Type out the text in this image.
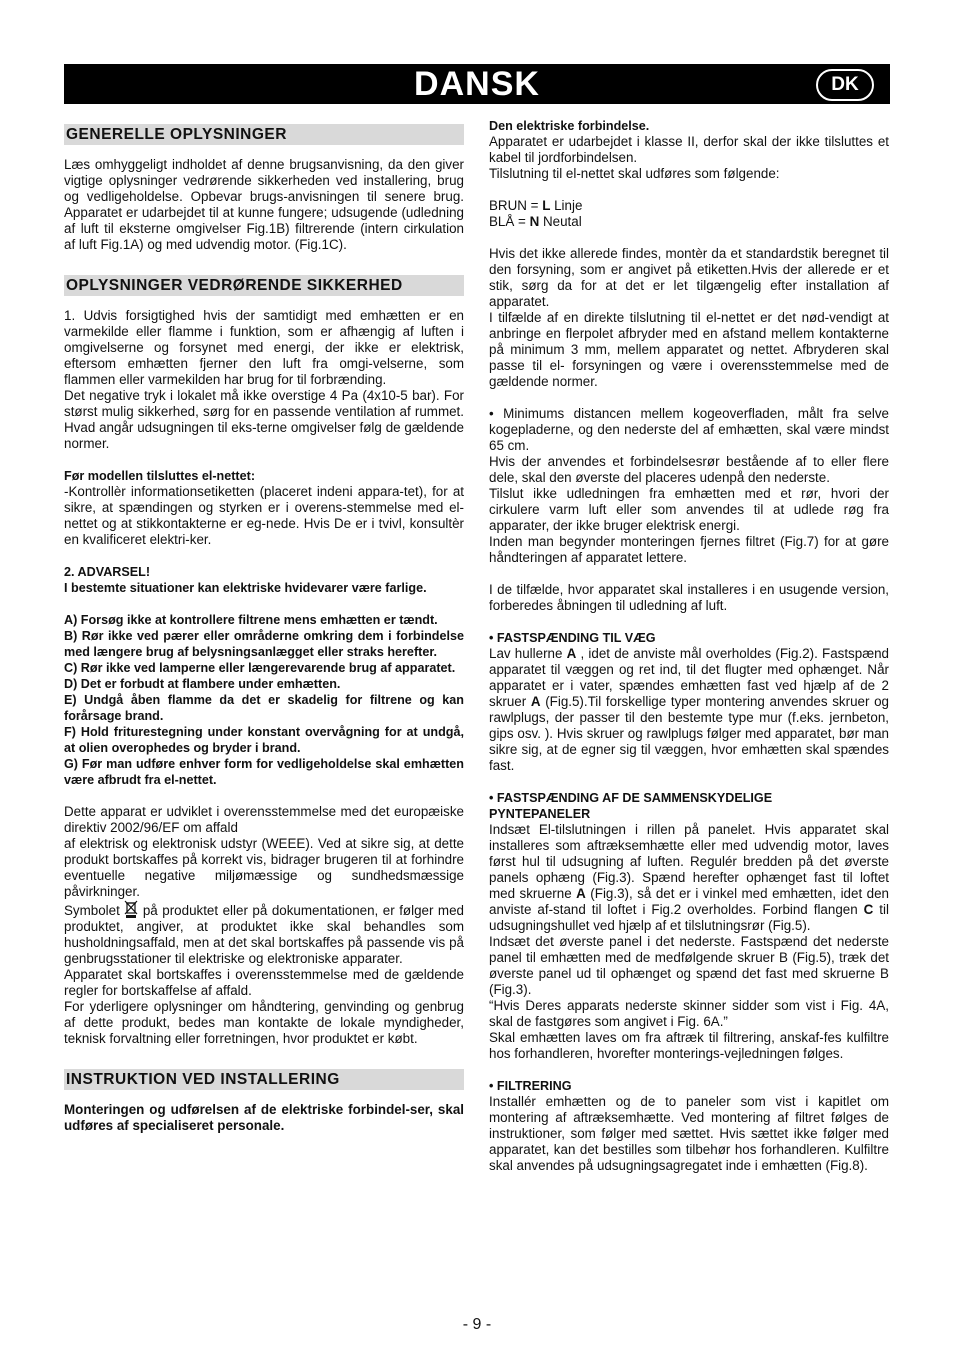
DANSK	DK
GENERELLE OPLYSNINGER

Læs omhyggeligt indholdet af denne brugsanvisning, da den giver vigtige oplysninger vedrørende sikkerheden ved installering, brug og vedligeholdelse. Opbevar brugs-anvisningen til senere brug. Apparatet er udarbejdet til at kunne fungere; udsugende (udledning af luft til eksterne omgivelser Fig.1B) filtrerende (intern cirkulation af luft Fig.1A) og med udvendig motor. (Fig.1C).

OPLYSNINGER VEDRØRENDE SIKKERHED

1. Udvis forsigtighed hvis der samtidigt med emhætten er en varmekilde eller flamme i funktion, som er afhængig af luften i omgivelserne og forsynet med energi, der ikke er elektrisk, eftersom emhætten fjerner den luft fra omgi-velserne, som flammen eller varmekilden har brug for til forbrænding.

Det negative tryk i lokalet må ikke overstige 4 Pa (4x10-5 bar). For størst mulig sikkerhed, sørg for en passende ventilation af rummet. Hvad angår udsugningen til eks-terne omgivelser følg de gældende normer.

Før modellen tilsluttes el-nettet:

-Kontrollèr informationsetiketten (placeret indeni appara-tet), for at sikre, at spændingen og styrken er i overens-stemmelse med el-nettet og at stikkontakterne er eg-nede. Hvis De er i tvivl, konsultèr en kvalificeret elektri-ker.

2. ADVARSEL!

I bestemte situationer kan elektriske hvidevarer være farlige.

A) Forsøg ikke at kontrollere filtrene mens emhætten er tændt.

B) Rør ikke ved pærer eller områderne omkring dem i forbindelse med længere brug af belysningsanlægget eller straks herefter.

C) Rør ikke ved lamperne eller længerevarende brug af apparatet.

D) Det er forbudt at flambere under emhætten.

E) Undgå åben flamme da det er skadelig for filtrene og kan forårsage brand.

F) Hold friturestegning under konstant overvågning for at undgå, at olien overophedes og bryder i brand.

G) Før man udføre enhver form for vedligeholdelse skal emhætten være afbrudt fra el-nettet.

Dette apparat er udviklet i overensstemmelse med det europæiske direktiv 2002/96/EF om affald

af elektrisk og elektronisk udstyr (WEEE). Ved at sikre sig, at dette produkt bortskaffes på korrekt vis, bidrager brugeren til at forhindre eventuelle negative miljømæssige og sundhedsmæssige påvirkninger.

Symbolet på produktet eller på dokumentationen, er følger med produktet, angiver, at produktet ikke skal behandles som husholdningsaffald, men at det skal bortskaffes på passende vis på genbrugsstationer til elektriske og elektroniske apparater.

Apparatet skal bortskaffes i overensstemmelse med de gældende regler for bortskaffelse af affald.

For yderligere oplysninger om håndtering, genvinding og genbrug af dette produkt, bedes man kontakte de lokale myndigheder, teknisk forvaltning eller forretningen, hvor produktet er købt.

INSTRUKTION VED INSTALLERING

Monteringen og udførelsen af de elektriske forbindel-ser, skal udføres af specialiseret personale.

Den elektriske forbindelse.

Apparatet er udarbejdet i klasse II, derfor skal der ikke tilsluttes et kabel til jordforbindelsen.

Tilslutning til el-nettet skal udføres som følgende:

BRUN = L Linje

BLÅ = N Neutal

Hvis det ikke allerede findes, montèr da et standardstik beregnet til den forsyning, som er angivet på etiketten.Hvis der allerede er et stik, sørg da for at det er let tilgængelig efter installation af apparatet.

I tilfælde af en direkte tilslutning til el-nettet er det nød-vendigt at anbringe en flerpolet afbryder med en afstand mellem kontakterne på minimum 3 mm, mellem apparatet og nettet. Afbryderen skal passe til el- forsyningen og være i overensstemmelse med de gældende normer.

• Minimums distancen mellem kogeoverfladen, målt fra selve kogepladerne, og den nederste del af emhætten, skal være mindst 65 cm.

Hvis der anvendes et forbindelsesrør bestående af to eller flere dele, skal den øverste del placeres udenpå den nederste.

Tilslut ikke udledningen fra emhætten med et rør, hvori der cirkulere varm luft eller som anvendes til at udlede røg fra apparater, der ikke bruger elektrisk energi.

Inden man begynder monteringen fjernes filtret (Fig.7) for at gøre håndteringen af apparatet lettere.

I de tilfælde, hvor apparatet skal installeres i en usugende version, forberedes åbningen til udledning af luft.

• FASTSPÆNDING TIL VÆG

Lav hullerne A , idet de anviste mål overholdes (Fig.2). Fastspænd apparatet til væggen og ret ind, til det flugter med ophænget. Når apparatet er i vater, spændes emhætten fast ved hjælp af de 2 skruer A (Fig.5).Til forskellige typer montering anvendes skruer og rawlplugs, der passer til den bestemte type mur (f.eks. jernbeton, gips osv. ). Hvis skruer og rawlplugs følger med apparatet, bør man sikre sig, at de egner sig til væggen, hvor emhætten skal spændes fast.

• FASTSPÆNDING AF DE SAMMENSKYDELIGE

PYNTEPANELER

Indsæt El-tilslutningen i rillen på panelet. Hvis apparatet skal installeres som aftræksemhætte eller med udvendig motor, laves først hul til udsugning af luften. Regulér bredden på det øverste panels ophæng (Fig.3). Spænd herefter ophænget fast til loftet med skruerne A (Fig.3), så det er i vinkel med emhætten, idet den anviste af-stand til loftet i Fig.2 overholdes. Forbind flangen C til udsugningshullet ved hjælp af et tilslutningsrør (Fig.5).

Indsæt det øverste panel i det nederste. Fastspænd det nederste panel til emhætten med de medfølgende skruer B (Fig.5), træk det øverste panel ud til ophænget og spænd det fast med skruerne B (Fig.3).

“Hvis Deres apparats nederste skinner sidder som vist i Fig. 4A, skal de fastgøres som angivet i Fig. 6A.”

Skal emhætten laves om fra aftræk til filtrering, anskaf-fes kulfiltre hos forhandleren, hvorefter monterings-vejledningen følges.

• FILTRERING

Installér emhætten og de to paneler som vist i kapitlet om montering af aftræksemhætte. Ved montering af filtret følges de instruktioner, som følger med sættet. Hvis sættet ikke følger med apparatet, kan det bestilles som tilbehør hos forhandleren. Kulfiltre skal anvendes på udsugningsagregatet inde i emhætten (Fig.8).

- 9 -
